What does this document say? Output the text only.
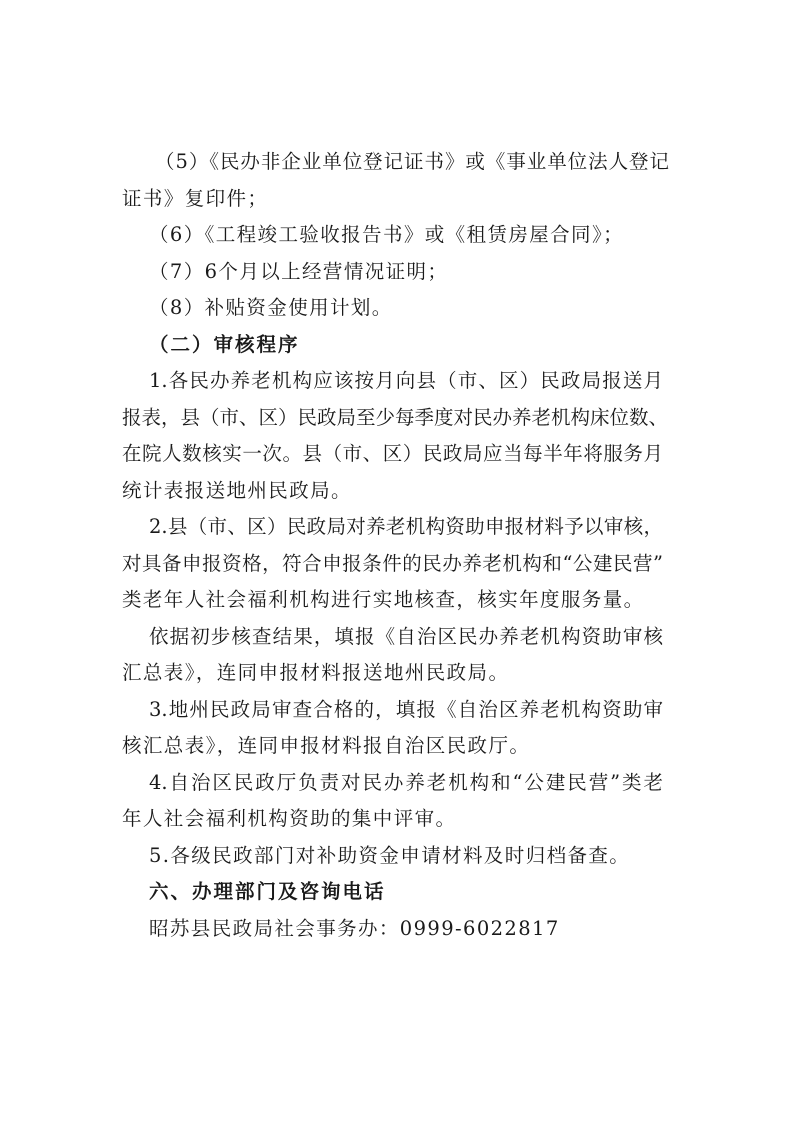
（5）《民办非企业单位登记证书》或《事业单位法人登记
证书》复印件；
（6）《工程竣工验收报告书》或《租赁房屋合同》；
（7）6个月以上经营情况证明；
（8）补贴资金使用计划。
（二）审核程序
1.各民办养老机构应该按月向县（市、区）民政局报送月
报表，县（市、区）民政局至少每季度对民办养老机构床位数、
在院人数核实一次。县（市、区）民政局应当每半年将服务月
统计表报送地州民政局。
2.县（市、区）民政局对养老机构资助申报材料予以审核，
对具备申报资格，符合申报条件的民办养老机构和“公建民营”
类老年人社会福利机构进行实地核查，核实年度服务量。
依据初步核查结果，填报《自治区民办养老机构资助审核
汇总表》，连同申报材料报送地州民政局。
3.地州民政局审查合格的，填报《自治区养老机构资助审
核汇总表》，连同申报材料报自治区民政厅。
4.自治区民政厅负责对民办养老机构和“公建民营”类老
年人社会福利机构资助的集中评审。
5.各级民政部门对补助资金申请材料及时归档备查。
六、办理部门及咨询电话
昭苏县民政局社会事务办：0999-6022817
